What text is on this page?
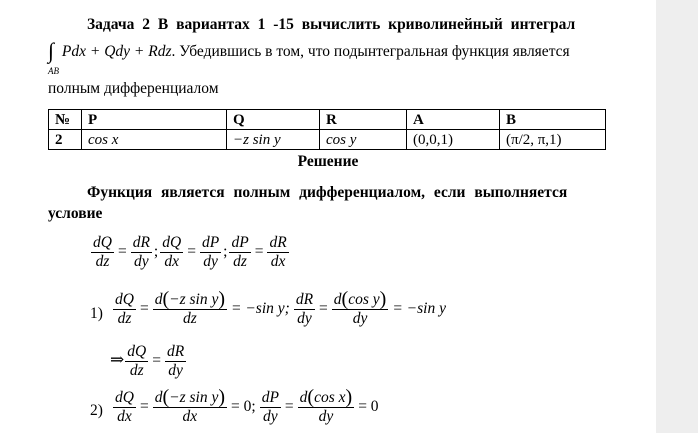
Задача 2 В вариантах 1 -15 вычислить криволинейный интеграл
∫ Pdx + Qdy + Rdz. Убедившись в том, что подынтегральная функция является
AB
полным дифференциалом
№	P	Q	R	A	B
2	cos x	−z sin y	cos y	(0,0,1)	(π/2, π,1)
Решение
Функция является полным дифференциалом, если выполняется
условие
$\frac{dQ}{dz} = \frac{dR}{dy}$ ; $\frac{dQ}{dx} = \frac{dP}{dy}$ ; $\frac{dP}{dz} = \frac{dR}{dx}$
$1) \frac{dQ}{dz} = \frac{\text{d(−z sin y)}}{dz} = -\sin$ y; $\frac{dR}{dy} = \frac{\text{d(cos y)}}{dy} = -\sin$ y
⇒ $\frac{dQ}{dz} = \frac{dR}{dy}$
$2) \frac{dQ}{dx} = \frac{\text{d(−z sin y)}}{dx} = 0$; $\frac{dP}{dy} = \frac{\text{d(cos x)}}{dy} = 0$
